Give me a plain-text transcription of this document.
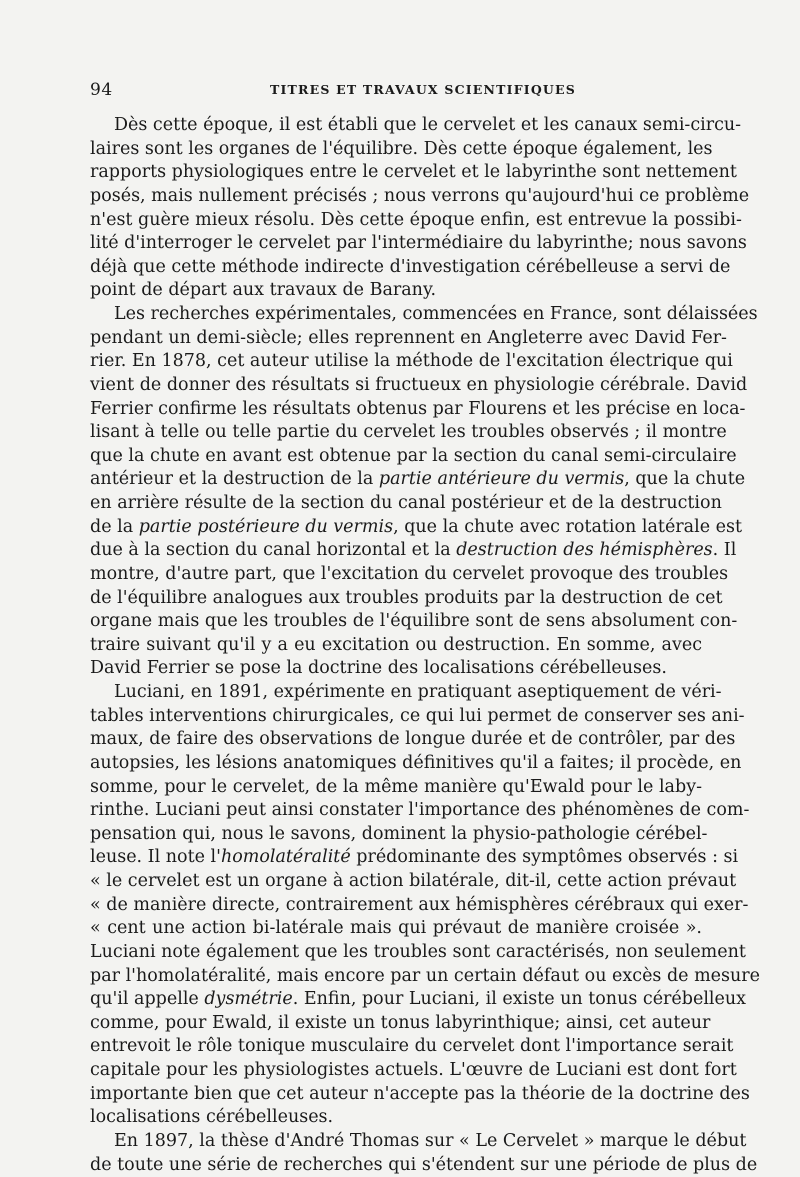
94	TITRES ET TRAVAUX SCIENTIFIQUES
Dès cette époque, il est établi que le cervelet et les canaux semi-circu-
laires sont les organes de l'équilibre. Dès cette époque également, les
rapports physiologiques entre le cervelet et le labyrinthe sont nettement
posés, mais nullement précisés ; nous verrons qu'aujourd'hui ce problème
n'est guère mieux résolu. Dès cette époque enfin, est entrevue la possibi-
lité d'interroger le cervelet par l'intermédiaire du labyrinthe; nous savons
déjà que cette méthode indirecte d'investigation cérébelleuse a servi de
point de départ aux travaux de Barany.
Les recherches expérimentales, commencées en France, sont délaissées
pendant un demi-siècle; elles reprennent en Angleterre avec David Fer-
rier. En 1878, cet auteur utilise la méthode de l'excitation électrique qui
vient de donner des résultats si fructueux en physiologie cérébrale. David
Ferrier confirme les résultats obtenus par Flourens et les précise en loca-
lisant à telle ou telle partie du cervelet les troubles observés ; il montre
que la chute en avant est obtenue par la section du canal semi-circulaire
antérieur et la destruction de la partie antérieure du vermis, que la chute
en arrière résulte de la section du canal postérieur et de la destruction
de la partie postérieure du vermis, que la chute avec rotation latérale est
due à la section du canal horizontal et la destruction des hémisphères. Il
montre, d'autre part, que l'excitation du cervelet provoque des troubles
de l'équilibre analogues aux troubles produits par la destruction de cet
organe mais que les troubles de l'équilibre sont de sens absolument con-
traire suivant qu'il y a eu excitation ou destruction. En somme, avec
David Ferrier se pose la doctrine des localisations cérébelleuses.
Luciani, en 1891, expérimente en pratiquant aseptiquement de véri-
tables interventions chirurgicales, ce qui lui permet de conserver ses ani-
maux, de faire des observations de longue durée et de contrôler, par des
autopsies, les lésions anatomiques définitives qu'il a faites; il procède, en
somme, pour le cervelet, de la même manière qu'Ewald pour le laby-
rinthe. Luciani peut ainsi constater l'importance des phénomènes de com-
pensation qui, nous le savons, dominent la physio-pathologie cérébel-
leuse. Il note l'homolatéralité prédominante des symptômes observés : si
« le cervelet est un organe à action bilatérale, dit-il, cette action prévaut
« de manière directe, contrairement aux hémisphères cérébraux qui exer-
« cent une action bi-latérale mais qui prévaut de manière croisée ».
Luciani note également que les troubles sont caractérisés, non seulement
par l'homolatéralité, mais encore par un certain défaut ou excès de mesure
qu'il appelle dysmétrie. Enfin, pour Luciani, il existe un tonus cérébelleux
comme, pour Ewald, il existe un tonus labyrinthique; ainsi, cet auteur
entrevoit le rôle tonique musculaire du cervelet dont l'importance serait
capitale pour les physiologistes actuels. L'œuvre de Luciani est dont fort
importante bien que cet auteur n'accepte pas la théorie de la doctrine des
localisations cérébelleuses.
En 1897, la thèse d'André Thomas sur « Le Cervelet » marque le début
de toute une série de recherches qui s'étendent sur une période de plus de
